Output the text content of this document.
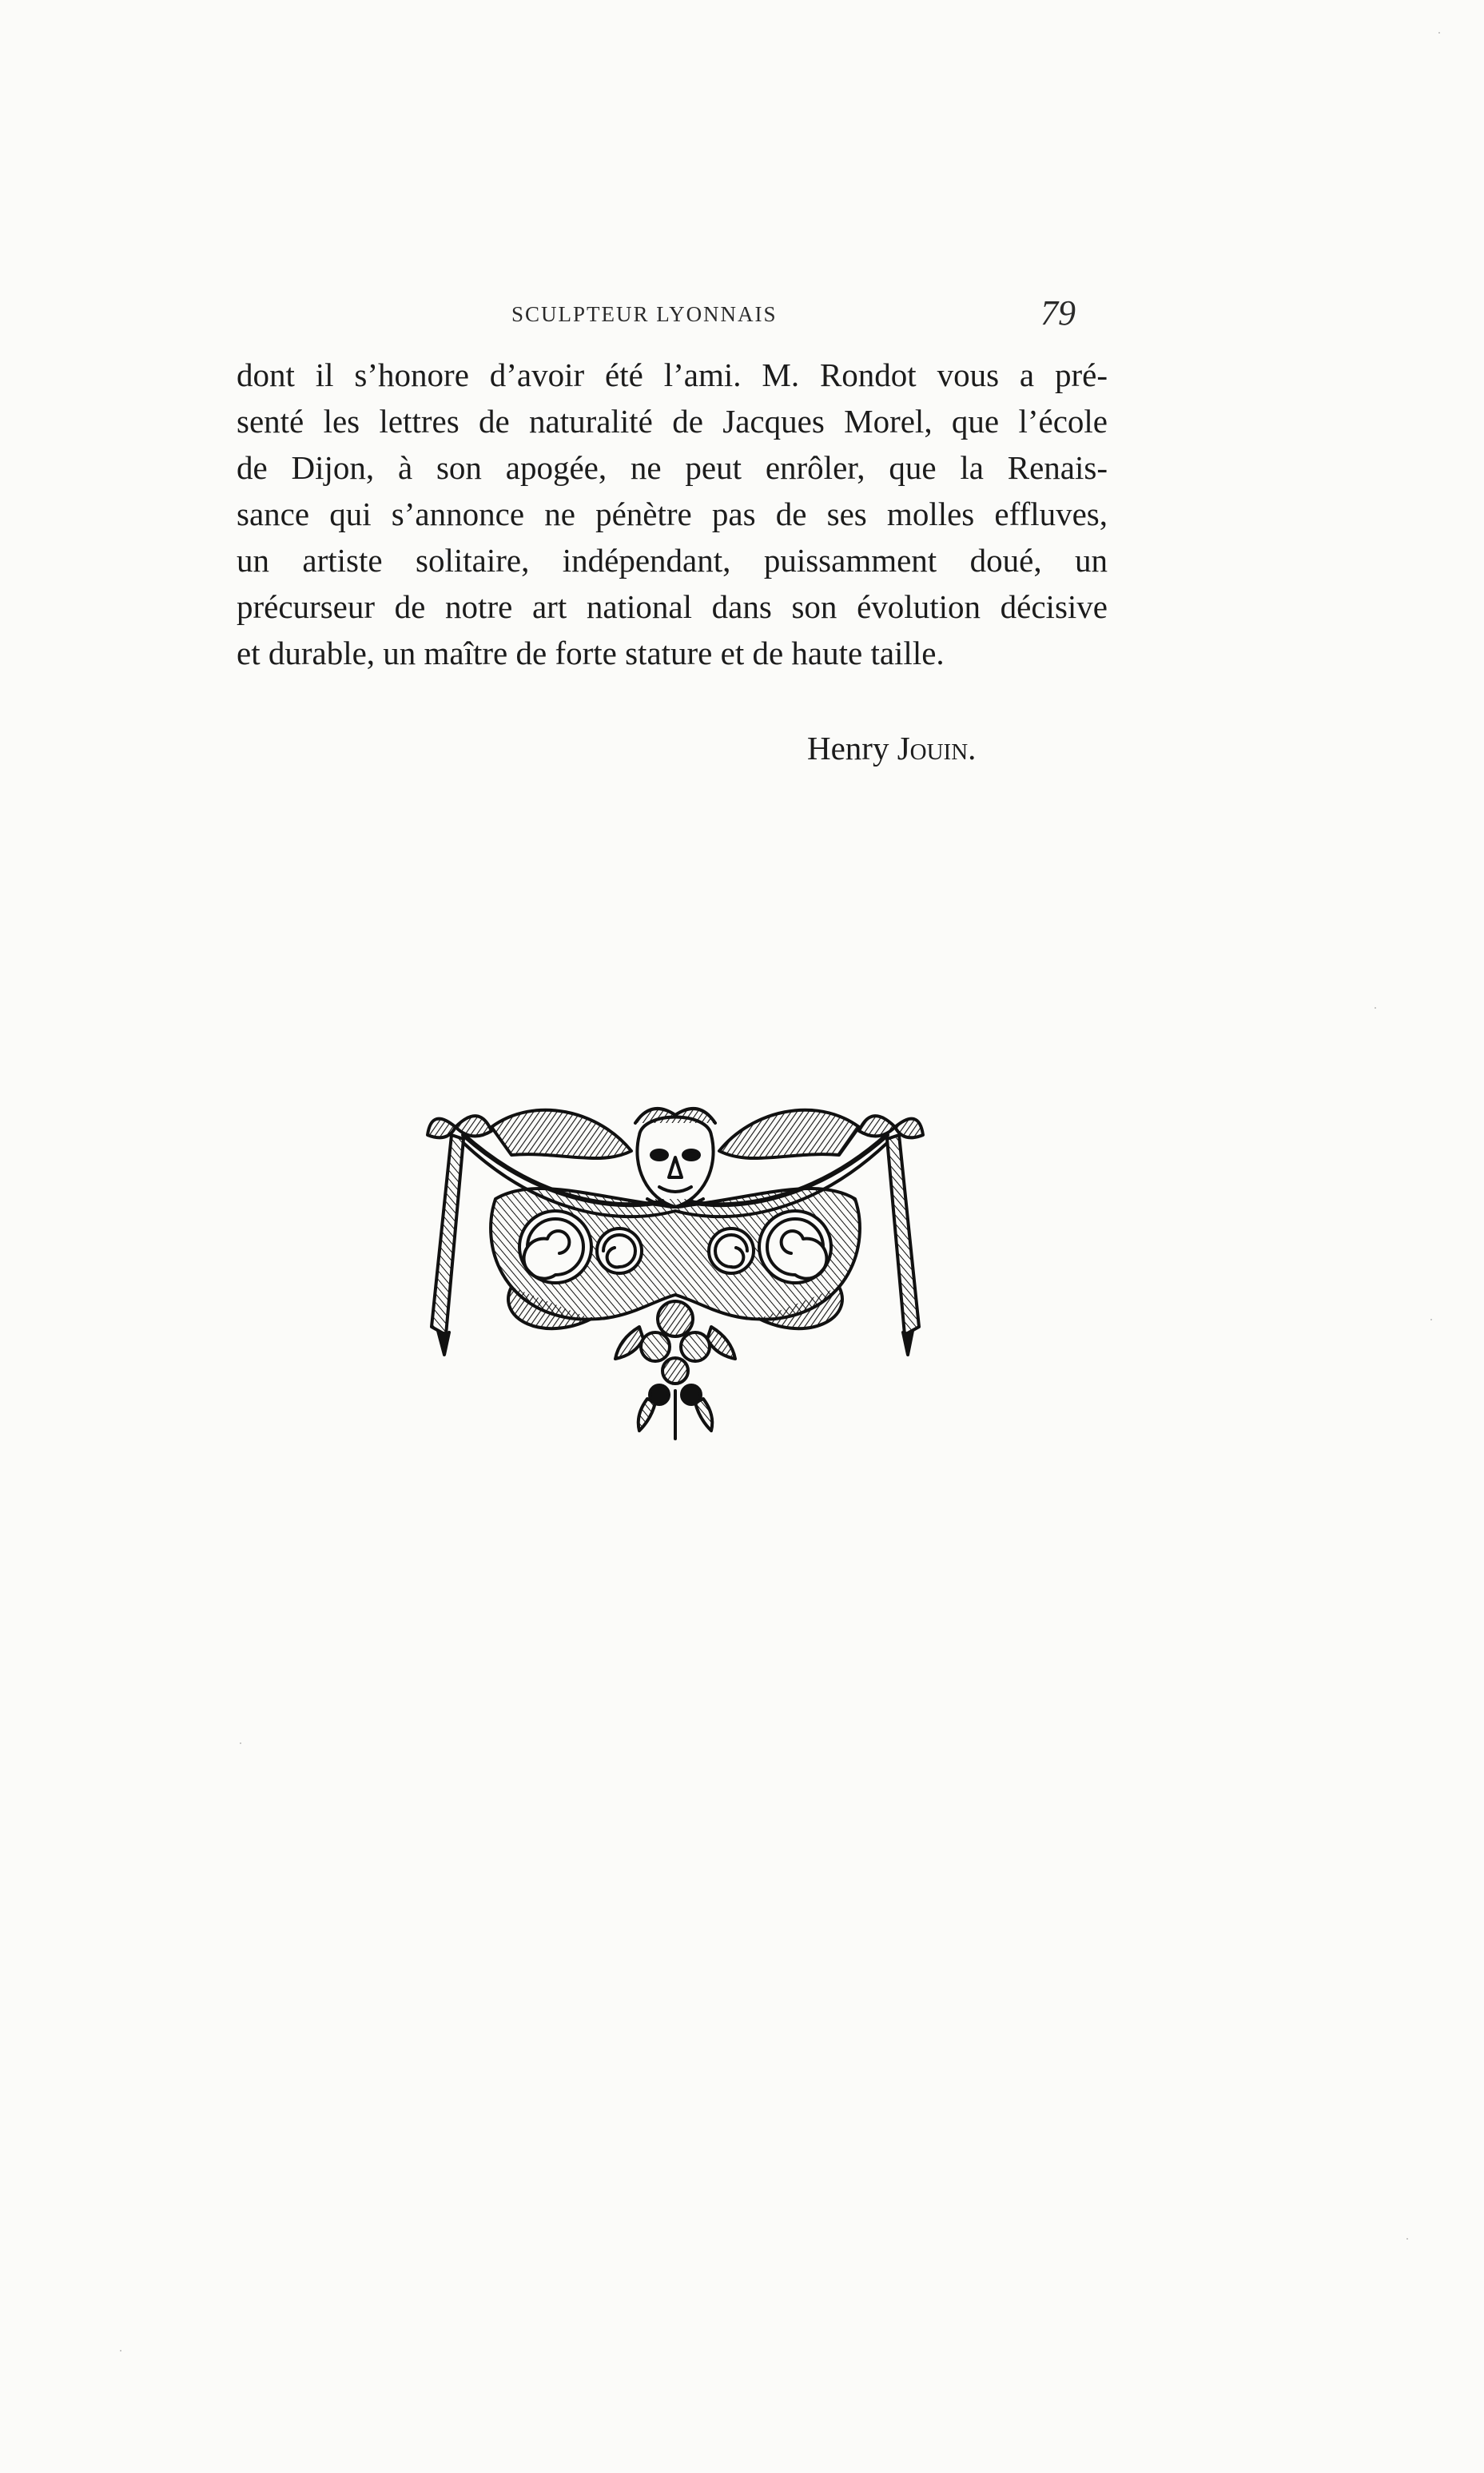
SCULPTEUR LYONNAIS	79
dont il s’honore d’avoir été l’ami. M. Rondot vous a pré-
senté les lettres de naturalité de Jacques Morel, que l’école
de Dijon, à son apogée, ne peut enrôler, que la Renais-
sance qui s’annonce ne pénètre pas de ses molles effluves,
un artiste solitaire, indépendant, puissamment doué, un
précurseur de notre art national dans son évolution décisive
et durable, un maître de forte stature et de haute taille.
Henry Jouin.
